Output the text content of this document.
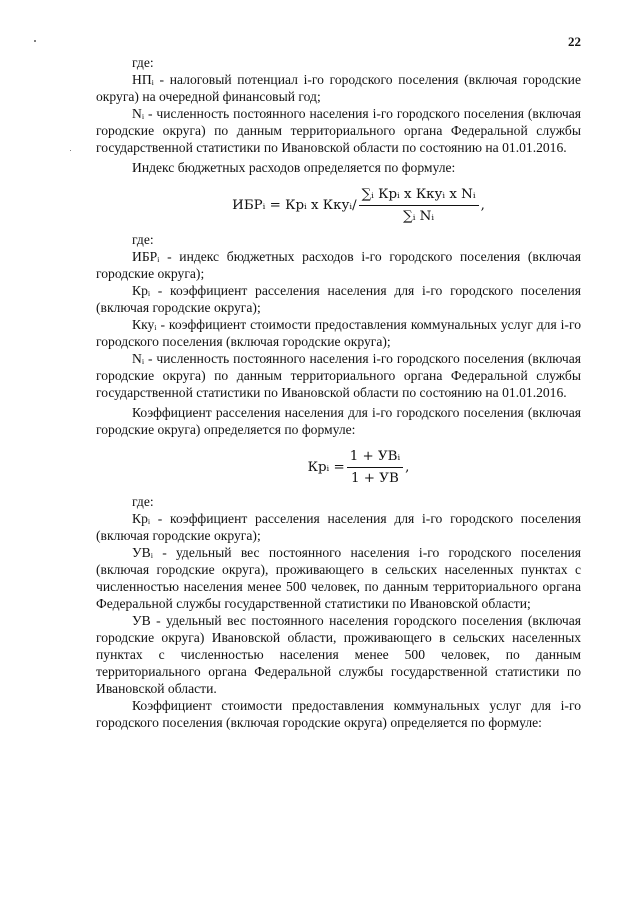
22

где:

НПᵢ - налоговый потенциал i-го городского поселения (включая городские округа) на очередной финансовый год;

Nᵢ - численность постоянного населения i-го городского поселения (включая городские округа) по данным территориального органа Федеральной службы государственной статистики по Ивановской области по состоянию на 01.01.2016.

Индекс бюджетных расходов определяется по формуле:

ИБРᵢ = Крᵢ x Ккуᵢ/ $\frac{\text{∑ᵢ Крᵢ x Ккуᵢ x Nᵢ}}{\text{∑ᵢ Nᵢ}}$ ,

где:

ИБРᵢ - индекс бюджетных расходов i-го городского поселения (включая городские округа);

Крᵢ - коэффициент расселения населения для i-го городского поселения (включая городские округа);

Ккуᵢ - коэффициент стоимости предоставления коммунальных услуг для i-го городского поселения (включая городские округа);

Nᵢ - численность постоянного населения i-го городского поселения (включая городские округа) по данным территориального органа Федеральной службы государственной статистики по Ивановской области по состоянию на 01.01.2016.

Коэффициент расселения населения для i-го городского поселения (включая городские округа) определяется по формуле:

Крᵢ = $\frac{\text{1 + УВᵢ}}{1 + УВ}$ ,

где:

Крᵢ - коэффициент расселения населения для i-го городского поселения (включая городские округа);

УВᵢ - удельный вес постоянного населения i-го городского поселения (включая городские округа), проживающего в сельских населенных пунктах с численностью населения менее 500 человек, по данным территориального органа Федеральной службы государственной статистики по Ивановской области;

УВ - удельный вес постоянного населения городского поселения (включая городские округа) Ивановской области, проживающего в сельских населенных пунктах с численностью населения менее 500 человек, по данным территориального органа Федеральной службы государственной статистики по Ивановской области.

Коэффициент стоимости предоставления коммунальных услуг для i-го городского поселения (включая городские округа) определяется по формуле:
